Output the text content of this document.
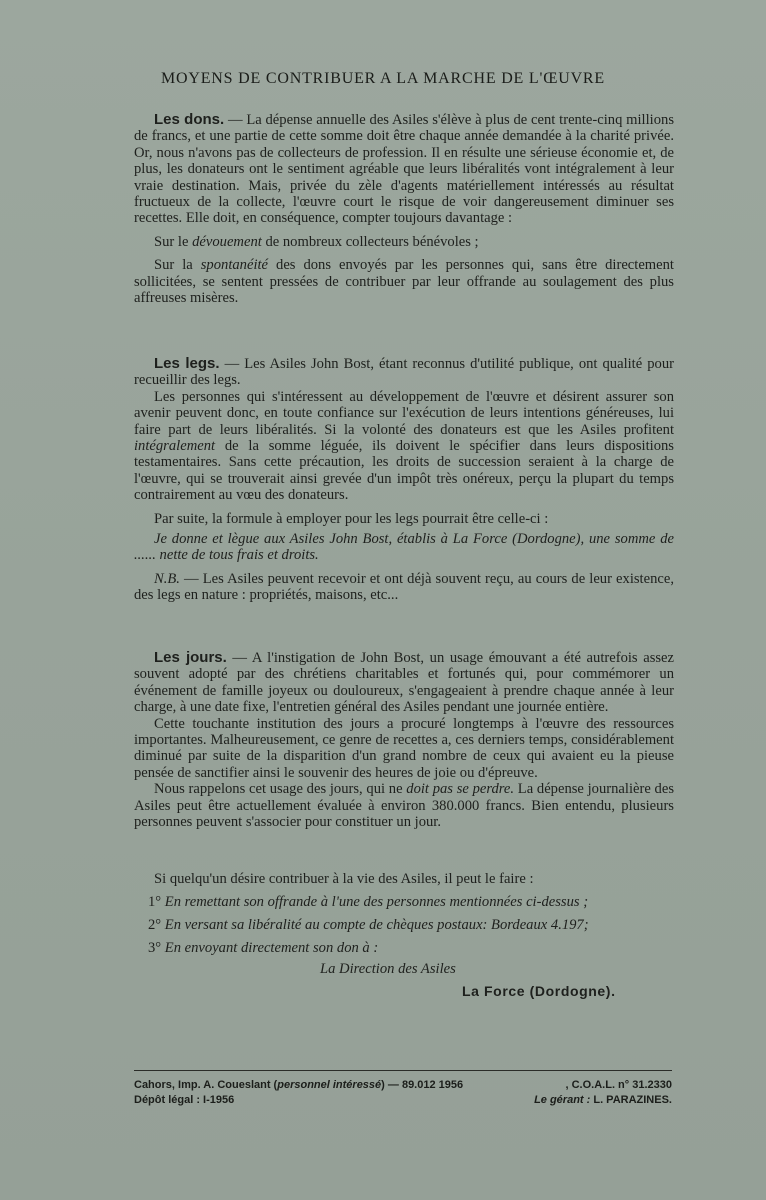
MOYENS DE CONTRIBUER A LA MARCHE DE L'ŒUVRE

Les dons. — La dépense annuelle des Asiles s'élève à plus de cent trente-cinq millions de francs, et une partie de cette somme doit être chaque année demandée à la charité privée. Or, nous n'avons pas de collecteurs de profession. Il en résulte une sérieuse économie et, de plus, les donateurs ont le sentiment agréable que leurs libéralités vont intégralement à leur vraie destination. Mais, privée du zèle d'agents matériellement intéressés au résultat fructueux de la collecte, l'œuvre court le risque de voir dangereusement diminuer ses recettes. Elle doit, en conséquence, compter toujours davantage :

Sur le dévouement de nombreux collecteurs bénévoles ;

Sur la spontanéité des dons envoyés par les personnes qui, sans être directement sollicitées, se sentent pressées de contribuer par leur offrande au soulagement des plus affreuses misères.

Les legs. — Les Asiles John Bost, étant reconnus d'utilité publique, ont qualité pour recueillir des legs.

Les personnes qui s'intéressent au développement de l'œuvre et désirent assurer son avenir peuvent donc, en toute confiance sur l'exécution de leurs intentions généreuses, lui faire part de leurs libéralités. Si la volonté des donateurs est que les Asiles profitent intégralement de la somme léguée, ils doivent le spécifier dans leurs dispositions testamentaires. Sans cette précaution, les droits de succession seraient à la charge de l'œuvre, qui se trouverait ainsi grevée d'un impôt très onéreux, perçu la plupart du temps contrairement au vœu des donateurs.

Par suite, la formule à employer pour les legs pourrait être celle-ci :

Je donne et lègue aux Asiles John Bost, établis à La Force (Dordogne), une somme de ...... nette de tous frais et droits.

N.B. — Les Asiles peuvent recevoir et ont déjà souvent reçu, au cours de leur existence, des legs en nature : propriétés, maisons, etc...

Les jours. — A l'instigation de John Bost, un usage émouvant a été autrefois assez souvent adopté par des chrétiens charitables et fortunés qui, pour commémorer un événement de famille joyeux ou douloureux, s'engageaient à prendre chaque année à leur charge, à une date fixe, l'entretien général des Asiles pendant une journée entière.

Cette touchante institution des jours a procuré longtemps à l'œuvre des ressources importantes. Malheureusement, ce genre de recettes a, ces derniers temps, considérablement diminué par suite de la disparition d'un grand nombre de ceux qui avaient eu la pieuse pensée de sanctifier ainsi le souvenir des heures de joie ou d'épreuve.

Nous rappelons cet usage des jours, qui ne doit pas se perdre. La dépense journalière des Asiles peut être actuellement évaluée à environ 380.000 francs. Bien entendu, plusieurs personnes peuvent s'associer pour constituer un jour.

Si quelqu'un désire contribuer à la vie des Asiles, il peut le faire :

1° En remettant son offrande à l'une des personnes mentionnées ci-dessus ;

2° En versant sa libéralité au compte de chèques postaux: Bordeaux 4.197;

3° En envoyant directement son don à :

La Direction des Asiles
La Force (Dordogne).
Cahors, Imp. A. Coueslant (personnel intéressé) — 89.012 1956	, C.O.A.L. n° 31.2330
Dépôt légal : I-1956	Le gérant : L. PARAZINES.
